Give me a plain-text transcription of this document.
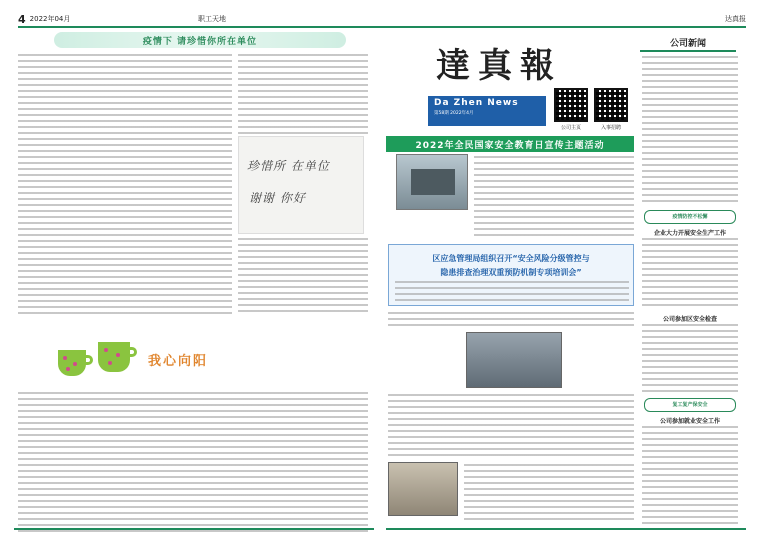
4 2022年04月	职工天地	达真报
疫情下 请珍惜你所在单位
珍惜所 在单位
谢谢 你好
我心向阳
公司新闻
達真報
Da Zhen News
第58期 2022年4月
公司主页	入事招聘
2022年全民国家安全教育日宣传主题活动
区应急管理局组织召开“安全风险分级管控与
隐患排查治理双重预防机制专项培训会”
疫情防控不松懈
企业大力开展安全生产工作
公司参加区安全检查
复工复产保安全
公司参加就业安全工作
